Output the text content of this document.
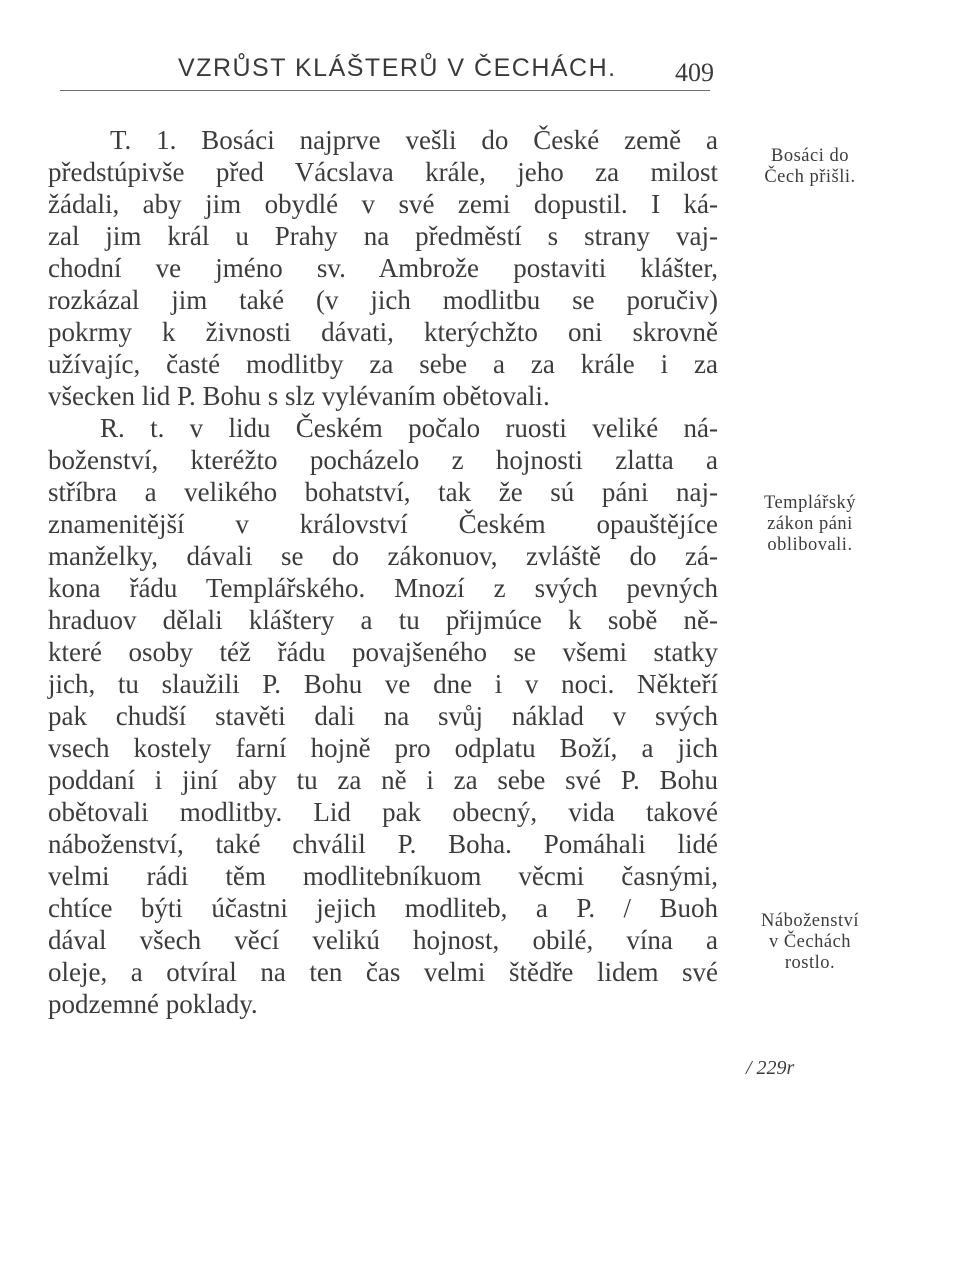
VZRŮST KLÁŠTERŮ V ČECHÁCH. 409
T. 1. Bosáci najprve vešli do České země a
předstúpivše před Vácslava krále, jeho za milost
žádali, aby jim obydlé v své zemi dopustil. I ká-
zal jim král u Prahy na předměstí s strany vaj-
chodní ve jméno sv. Ambrože postaviti klášter,
rozkázal jim také (v jich modlitbu se poručiv)
pokrmy k živnosti dávati, kterýchžto oni skrovně
užívajíc, časté modlitby za sebe a za krále i za
všecken lid P. Bohu s slz vylévaním obětovali.
R. t. v lidu Českém počalo ruosti veliké ná-
boženství, kteréžto pocházelo z hojnosti zlatta a
stříbra a velikého bohatství, tak že sú páni naj-
znamenitější v království Českém opauštějíce
manželky, dávali se do zákonuov, zvláště do zá-
kona řádu Templářského. Mnozí z svých pevných
hraduov dělali kláštery a tu přijmúce k sobě ně-
které osoby též řádu povajšeného se všemi statky
jich, tu slaužili P. Bohu ve dne i v noci. Někteří
pak chudší stavěti dali na svůj náklad v svých
vsech kostely farní hojně pro odplatu Boží, a jich
poddaní i jiní aby tu za ně i za sebe své P. Bohu
obětovali modlitby. Lid pak obecný, vida takové
náboženství, také chválil P. Boha. Pomáhali lidé
velmi rádi těm modlitebníkuom věcmi časnými,
chtíce býti účastni jejich modliteb, a P. / Buoh
dával všech věcí velikú hojnost, obilé, vína a
oleje, a otvíral na ten čas velmi štědře lidem své
podzemné poklady.
Bosáci do
Čech přišli.
Templářský
zákon páni
oblibovali.
Náboženství
v Čechách
rostlo.
/ 229r
